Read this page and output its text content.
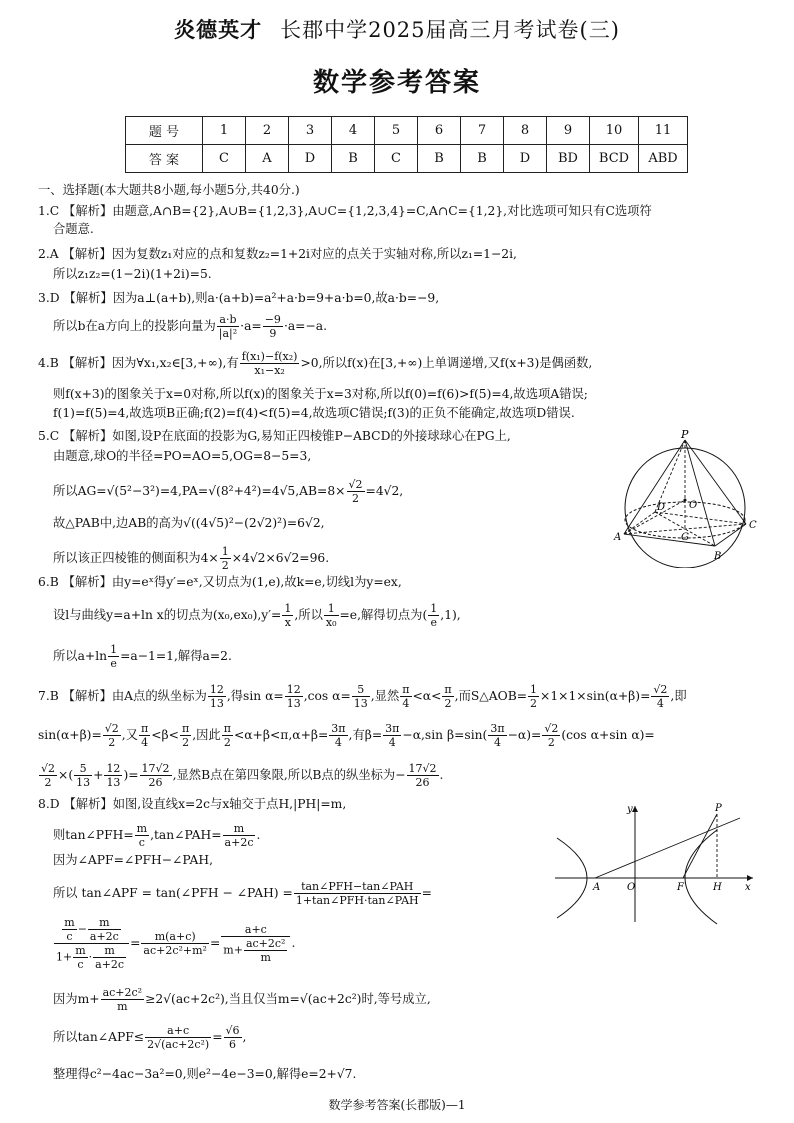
炎德英才 长郡中学2025届高三月考试卷(三)
数学参考答案
题 号	1	2	3	4	5	6	7	8	9	10	11
答 案	C	A	D	B	C	B	B	D	BD	BCD	ABD
一、选择题(本大题共8小题,每小题5分,共40分.)
1.C 【解析】由题意,A∩B={2},A∪B={1,2,3},A∪C={1,2,3,4}=C,A∩C={1,2},对比选项可知只有C选项符
合题意.
2.A 【解析】因为复数z₁对应的点和复数z₂=1+2i对应的点关于实轴对称,所以z₁=1−2i,
所以z₁z₂=(1−2i)(1+2i)=5.
3.D 【解析】因为a⊥(a+b),则a·(a+b)=a²+a·b=9+a·b=0,故a·b=−9,
所以b在a方向上的投影向量为 $\frac{a\cdot b}{\text{|a|²}} \cdot a= \frac{-9}{9} \cdot a=-a$.
4.B 【解析】因为∀x₁,x₂∈[3,+∞),有 $\frac{\text{f(x₁)−f(x₂)}}{\text{x₁−x₂}} >0$,所以f(x)在[3,+∞)上单调递增,又f(x+3)是偶函数,
则f(x+3)的图象关于x=0对称,所以f(x)的图象关于x=3对称,所以f(0)=f(6)>f(5)=4,故选项A错误;
f(1)=f(5)=4,故选项B正确;f(2)=f(4)<f(5)=4,故选项C错误;f(3)的正负不能确定,故选项D错误.
5.C 【解析】如图,设P在底面的投影为G,易知正四棱锥P−ABCD的外接球球心在PG上,
由题意,球O的半径=PO=AO=5,OG=8−5=3,
所以$AG=√(5^2-3^2)=4,PA=√(8^2+4^2)=4√5,AB=8\times \frac{√2}{2} =4√2$,
故△PAB中,边AB的高为√((4√5)²−(2√2)²)=6√2,
所以该正四棱锥的侧面积为$4\times \frac{1}{2} \times 4√2\times 6√2=96$.
P
D O
A	G
C
B
6.B 【解析】由y=eˣ得y′=eˣ,又切点为(1,e),故k=e,切线l为y=ex,
设l与曲线y=a+ln x的切点为$(x_0,ex_0),y'= \frac{1}{x}$ ,所以 $\frac{1}{\text{x₀}} =e$,解得切点为( $\frac{1}{e} ,1$),
所以$a+\ln \frac{1}{e} =a-1=1$,解得a=2.
7.B 【解析】由A点的纵坐标为 $\frac{12}{13}$ ,得$\sin \alpha= \frac{12}{13} ,\cos$ $\alpha= \frac{5}{13}$ ,显然 $\frac{\pi}{4} <\alpha< \frac{\pi}{2}$ ,而S△AOB= $\frac{1}{2} \times 1\times 1\times\sin(\alpha+\beta)= \frac{√2}{4}$ ,即
$\sin(\alpha+\beta)= \frac{√2}{2}$ ,又 $\frac{\pi}{4} <\beta< \frac{\pi}{2}$ ,因此 $\frac{\pi}{2} <\alpha+\beta<\pi,\alpha+\beta= \frac{3\pi}{4}$ ,有$\beta= \frac{3\pi}{4} -\alpha,\sin$ $\beta=\sin( \frac{3\pi}{4} -\alpha)= \frac{√2}{2} (\cos$ α+sin α)=
$\frac{√2}{2}$ ×( $\frac{5}{13} + \frac{12}{13}$ )= $\frac{17√2}{26}$ ,显然B点在第四象限,所以B点的纵坐标为− $\frac{17√2}{26}$ .
8.D 【解析】如图,设直线x=2c与x轴交于点H,|PH|=m,
则tan∠PFH= $\frac{m}{c}$ ,tan∠PAH= $\frac{m}{a+2c}$ .
因为∠APF=∠PFH−∠PAH,
所以 tan∠APF = tan(∠PFH − ∠PAH) = $\frac{\text{tan∠PFH−tan∠PAH}}{\text{1+tan∠PFH·tan∠PAH}}$ =
$\frac{\frac{m}{c} - \frac{m}{a+2c}}{1+ \frac{m}{c} \cdot \frac{m}{a+2c}} = \frac{m(a+c)}{\text{ac+2c²+m²}} = \frac{a+c}{m+ \frac{\text{ac+2c²}}{m}}$ .
因为$m+ \frac{\text{ac+2c²}}{m} \ge 2√(ac+2c^2)$,当且仅当m=√(ac+2c²)时,等号成立,
所以tan∠APF≤ $\frac{a+c}{\text{2√(ac+2c²)}} = \frac{√6}{6}$ ,
整理得c²−4ac−3a²=0,则e²−4e−3=0,解得e=2+√7.
y	P
A	O	F	H x
数学参考答案(长郡版)—1
